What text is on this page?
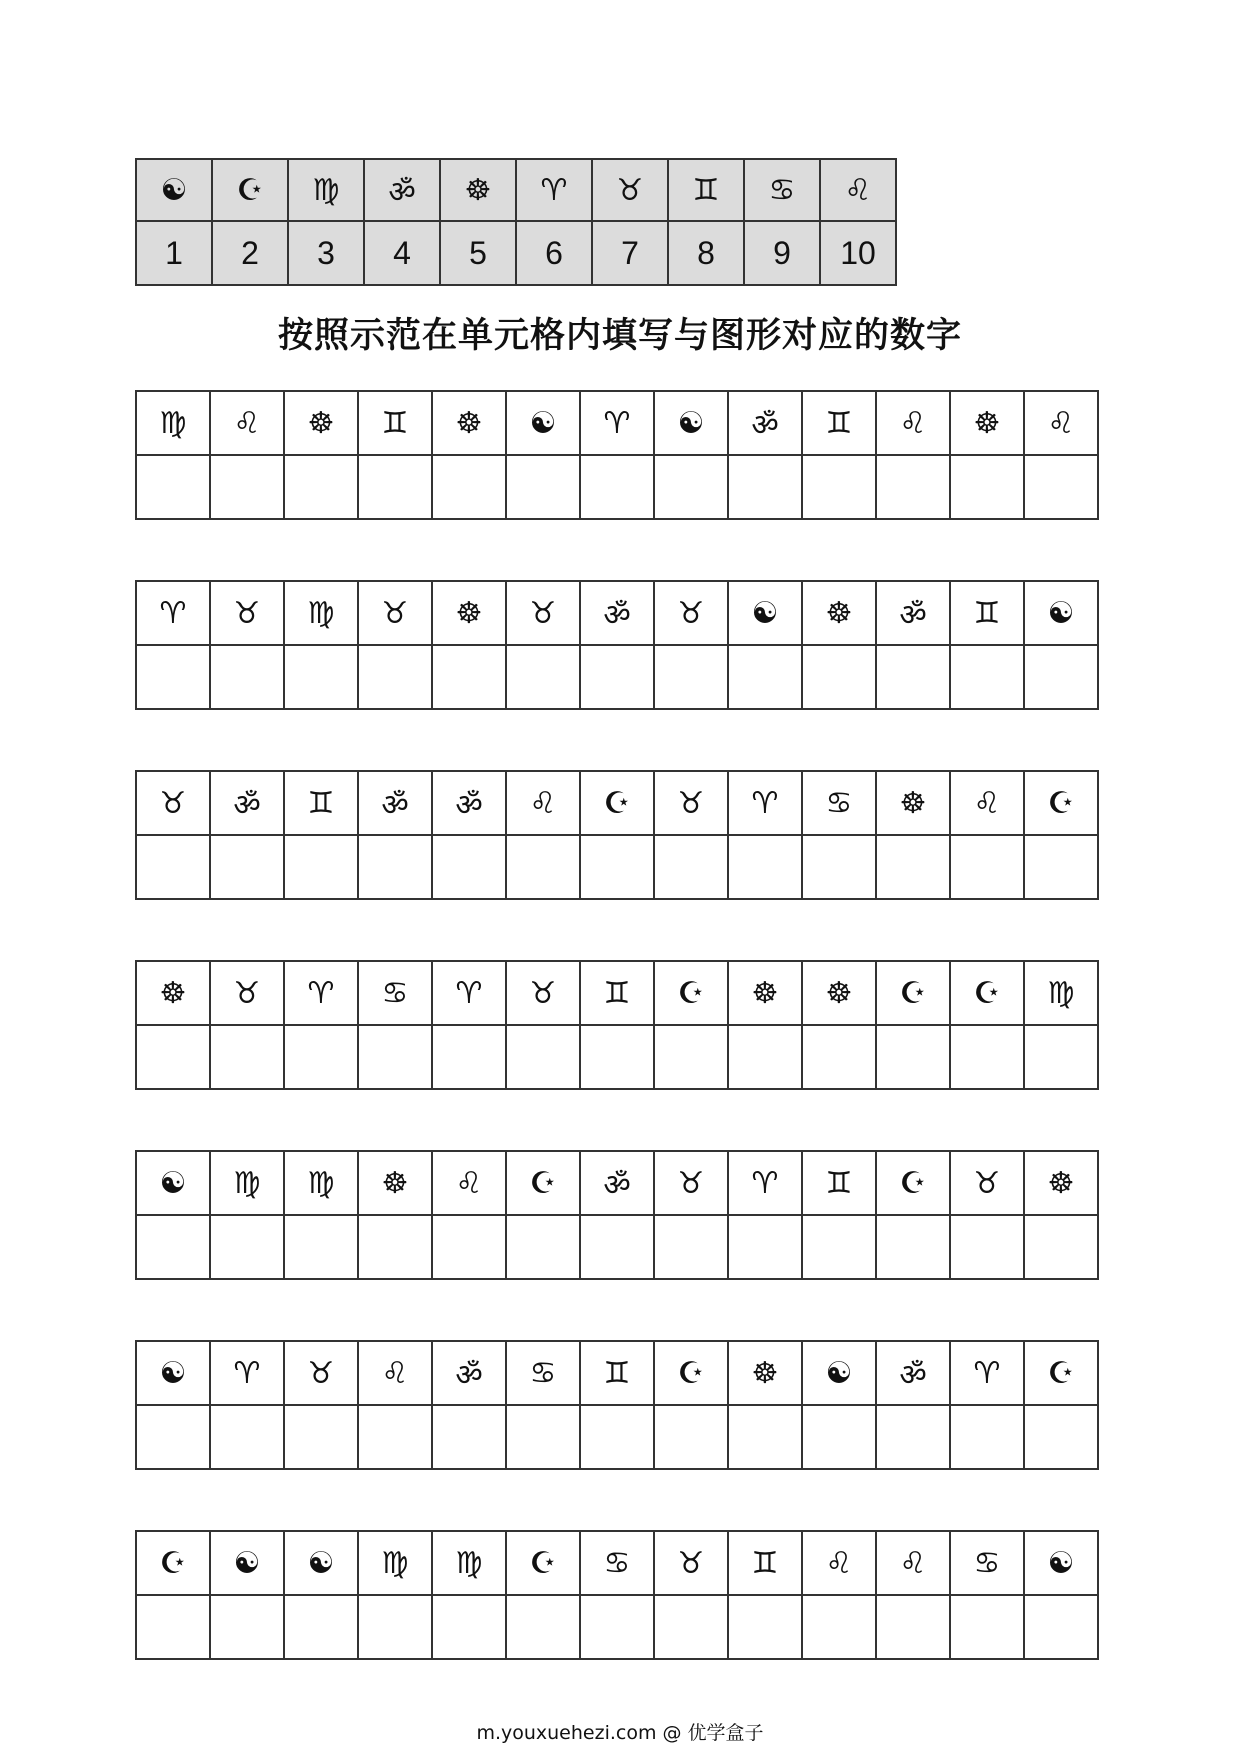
☯	☪	♍	ॐ	☸	♈	♉	♊	♋	♌
1	2	3	4	5	6	7	8	9	10
按照示范在单元格内填写与图形对应的数字
♍	♌	☸	♊	☸	☯	♈	☯	ॐ	♊	♌	☸	♌

♈	♉	♍	♉	☸	♉	ॐ	♉	☯	☸	ॐ	♊	☯

♉	ॐ	♊	ॐ	ॐ	♌	☪	♉	♈	♋	☸	♌	☪

☸	♉	♈	♋	♈	♉	♊	☪	☸	☸	☪	☪	♍

☯	♍	♍	☸	♌	☪	ॐ	♉	♈	♊	☪	♉	☸

☯	♈	♉	♌	ॐ	♋	♊	☪	☸	☯	ॐ	♈	☪

☪	☯	☯	♍	♍	☪	♋	♉	♊	♌	♌	♋	☯

m.youxuehezi.com @ 优学盒子
